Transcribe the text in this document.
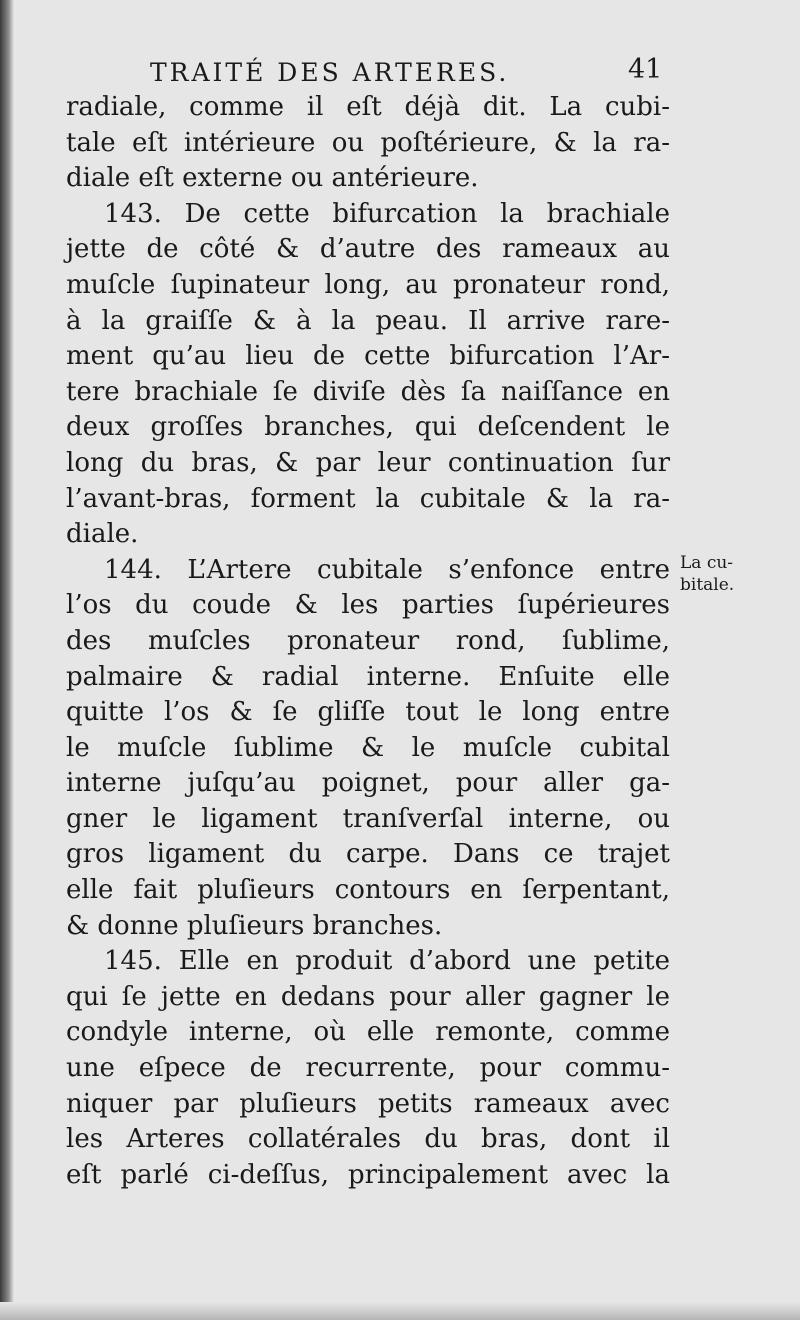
TRAITÉ DES ARTERES.	41
radiale, comme il eſt déjà dit. La cubi-
tale eſt intérieure ou poſtérieure, & la ra-
diale eſt externe ou antérieure.
143. De cette bifurcation la brachiale
jette de côté & d’autre des rameaux au
muſcle ſupinateur long, au pronateur rond,
à la graiſſe & à la peau. Il arrive rare-
ment qu’au lieu de cette bifurcation l’Ar-
tere brachiale ſe diviſe dès ſa naiſſance en
deux groſſes branches, qui deſcendent le
long du bras, & par leur continuation ſur
l’avant-bras, forment la cubitale & la ra-
diale.
144. L’Artere cubitale s’enfonce entre
l’os du coude & les parties ſupérieures
des muſcles pronateur rond, ſublime,
palmaire & radial interne. Enſuite elle
quitte l’os & ſe gliſſe tout le long entre
le muſcle ſublime & le muſcle cubital
interne juſqu’au poignet, pour aller ga-
gner le ligament tranſverſal interne, ou
gros ligament du carpe. Dans ce trajet
elle fait pluſieurs contours en ſerpentant,
& donne pluſieurs branches.
145. Elle en produit d’abord une petite
qui ſe jette en dedans pour aller gagner le
condyle interne, où elle remonte, comme
une eſpece de recurrente, pour commu-
niquer par pluſieurs petits rameaux avec
les Arteres collatérales du bras, dont il
eſt parlé ci-deſſus, principalement avec la
La cu-
bitale.
